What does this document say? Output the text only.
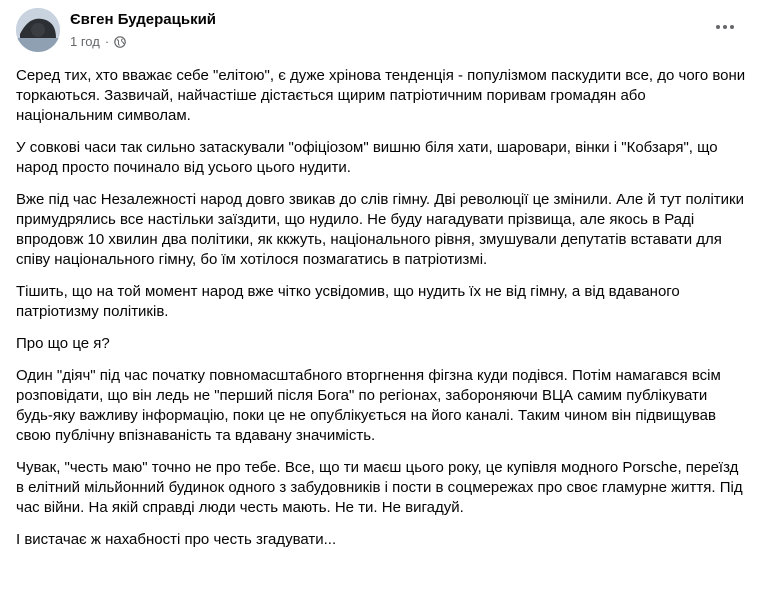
Євген Будерацький
1 год ·

Серед тих, хто вважає себе "елітою", є дуже хрінова тенденція - популізмом паскудити все, до чого вони торкаються. Зазвичай, найчастіше дістається щирим патріотичним поривам громадян або національним символам.

У совкові часи так сильно затаскували "офіціозом" вишню біля хати, шаровари, вінки і "Кобзаря", що народ просто починало від усього цього нудити.

Вже під час Незалежності народ довго звикав до слів гімну. Дві революції це змінили. Але й тут політики примудрялись все настільки заїздити, що нудило. Не буду нагадувати прізвища, але якось в Раді впродовж 10 хвилин два політики, як ккжуть, національного рівня, змушували депутатів вставати для співу національного гімну, бо їм хотілося позмагатись в патріотизмі.

Тішить, що на той момент народ вже чітко усвідомив, що нудить їх не від гімну, а від вдаваного патріотизму політиків.

Про що це я?

Один "діяч" під час початку повномасштабного вторгнення фігзна куди подівся. Потім намагався всім розповідати, що він ледь не "перший після Бога" по регіонах, забороняючи ВЦА самим публікувати будь-яку важливу інформацію, поки це не опублікується на його каналі. Таким чином він підвищував свою публічну впізнаваність та вдавану значимість.

Чувак, "честь маю" точно не про тебе. Все, що ти маєш цього року, це купівля модного Porsche, переїзд в елітний мільйонний будинок одного з забудовників і пости в соцмережах про своє гламурне життя. Під час війни. На якій справді люди честь мають. Не ти. Не вигадуй.

І вистачає ж нахабності про честь згадувати...
